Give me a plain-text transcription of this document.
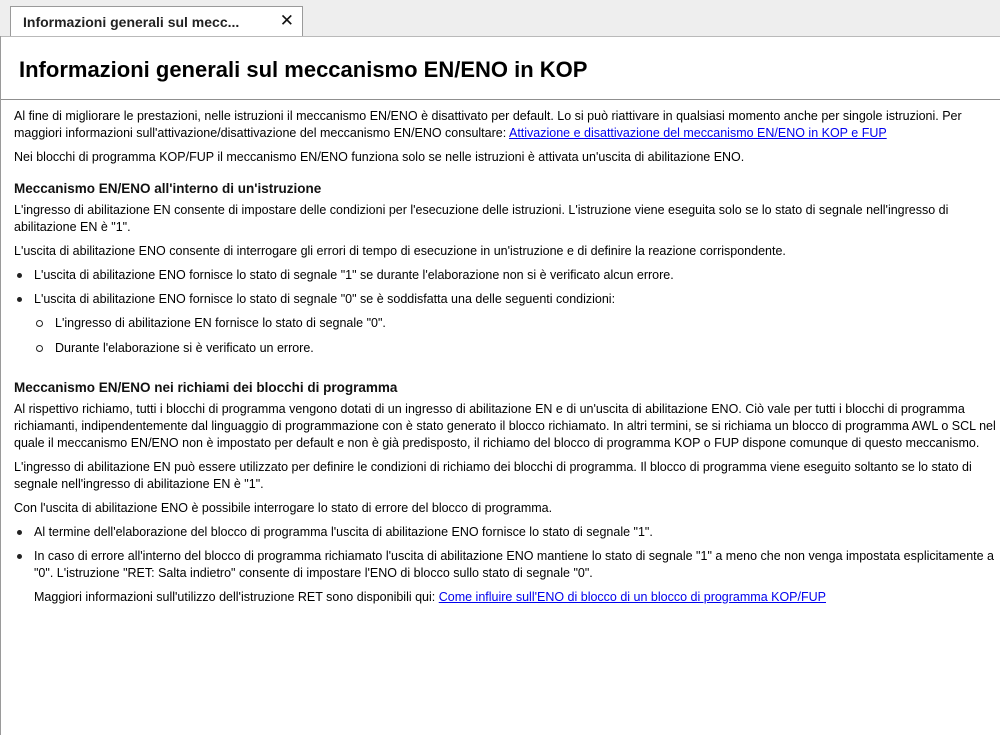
Informazioni generali sul mecc... ✕
Informazioni generali sul meccanismo EN/ENO in KOP

Al fine di migliorare le prestazioni, nelle istruzioni il meccanismo EN/ENO è disattivato per default. Lo si può riattivare in qualsiasi momento anche per singole istruzioni. Per maggiori informazioni sull'attivazione/disattivazione del meccanismo EN/ENO consultare: Attivazione e disattivazione del meccanismo EN/ENO in KOP e FUP

Nei blocchi di programma KOP/FUP il meccanismo EN/ENO funziona solo se nelle istruzioni è attivata un'uscita di abilitazione ENO.

Meccanismo EN/ENO all'interno di un'istruzione

L'ingresso di abilitazione EN consente di impostare delle condizioni per l'esecuzione delle istruzioni. L'istruzione viene eseguita solo se lo stato di segnale nell'ingresso di abilitazione EN è "1".

L'uscita di abilitazione ENO consente di interrogare gli errori di tempo di esecuzione in un'istruzione e di definire la reazione corrispondente.

L'uscita di abilitazione ENO fornisce lo stato di segnale "1" se durante l'elaborazione non si è verificato alcun errore.
L'uscita di abilitazione ENO fornisce lo stato di segnale "0" se è soddisfatta una delle seguenti condizioni:
L'ingresso di abilitazione EN fornisce lo stato di segnale "0".
Durante l'elaborazione si è verificato un errore.
Meccanismo EN/ENO nei richiami dei blocchi di programma

Al rispettivo richiamo, tutti i blocchi di programma vengono dotati di un ingresso di abilitazione EN e di un'uscita di abilitazione ENO. Ciò vale per tutti i blocchi di programma richiamanti, indipendentemente dal linguaggio di programmazione con è stato generato il blocco richiamato. In altri termini, se si richiama un blocco di programma AWL o SCL nel quale il meccanismo EN/ENO non è impostato per default e non è già predisposto, il richiamo del blocco di programma KOP o FUP dispone comunque di questo meccanismo.

L'ingresso di abilitazione EN può essere utilizzato per definire le condizioni di richiamo dei blocchi di programma. Il blocco di programma viene eseguito soltanto se lo stato di segnale nell'ingresso di abilitazione EN è "1".

Con l'uscita di abilitazione ENO è possibile interrogare lo stato di errore del blocco di programma.

Al termine dell'elaborazione del blocco di programma l'uscita di abilitazione ENO fornisce lo stato di segnale "1".
In caso di errore all'interno del blocco di programma richiamato l'uscita di abilitazione ENO mantiene lo stato di segnale "1" a meno che non venga impostata esplicitamente a "0". L'istruzione "RET: Salta indietro" consente di impostare l'ENO di blocco sullo stato di segnale "0".

Maggiori informazioni sull'utilizzo dell'istruzione RET sono disponibili qui: Come influire sull'ENO di blocco di un blocco di programma KOP/FUP
